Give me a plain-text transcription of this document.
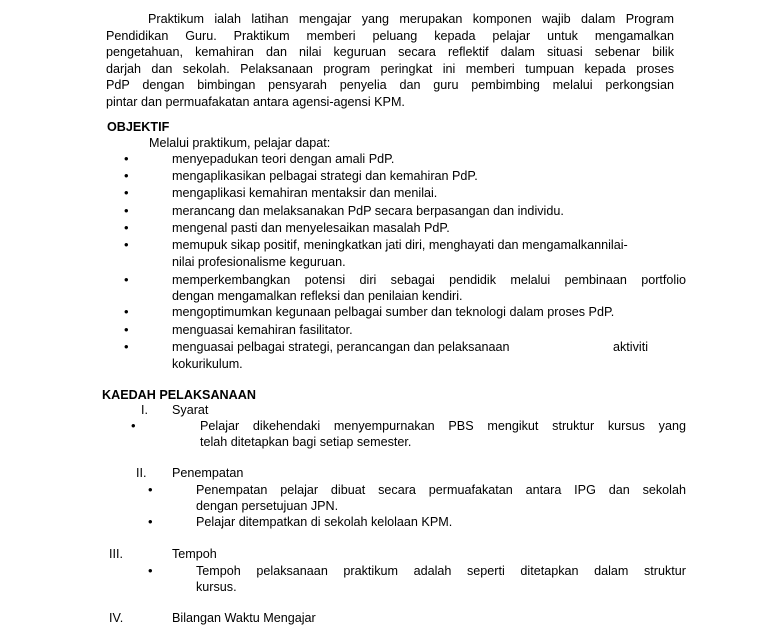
Praktikum ialah latihan mengajar yang merupakan komponen wajib dalam Program
Pendidikan Guru. Praktikum memberi peluang kepada pelajar untuk mengamalkan
pengetahuan, kemahiran dan nilai keguruan secara reflektif dalam situasi sebenar bilik
darjah dan sekolah. Pelaksanaan program peringkat ini memberi tumpuan kepada proses
PdP dengan bimbingan pensyarah penyelia dan guru pembimbing melalui perkongsian
pintar dan permuafakatan antara agensi-agensi KPM.
OBJEKTIF
Melalui praktikum, pelajar dapat:
•	menyepadukan teori dengan amali PdP.
•	mengaplikasikan pelbagai strategi dan kemahiran PdP.
•	mengaplikasi kemahiran mentaksir dan menilai.
•	merancang dan melaksanakan PdP secara berpasangan dan individu.
•	mengenal pasti dan menyelesaikan masalah PdP.
•	memupuk sikap positif, meningkatkan jati diri, menghayati dan mengamalkannilai-
nilai profesionalisme keguruan.
•	memperkembangkan potensi diri sebagai pendidik melalui pembinaan portfolio
dengan mengamalkan refleksi dan penilaian kendiri.
•	mengoptimumkan kegunaan pelbagai sumber dan teknologi dalam proses PdP.
•	menguasai kemahiran fasilitator.
•	menguasai pelbagai strategi, perancangan dan pelaksanaan	aktiviti
kokurikulum.
KAEDAH PELAKSANAAN
I. Syarat
•	Pelajar dikehendaki menyempurnakan PBS mengikut struktur kursus yang
telah ditetapkan bagi setiap semester.
II. Penempatan
•	Penempatan pelajar dibuat secara permuafakatan antara IPG dan sekolah
dengan persetujuan JPN.
•	Pelajar ditempatkan di sekolah kelolaan KPM.
III.	Tempoh
•	Tempoh pelaksanaan praktikum adalah seperti ditetapkan dalam struktur
kursus.
IV.	Bilangan Waktu Mengajar
